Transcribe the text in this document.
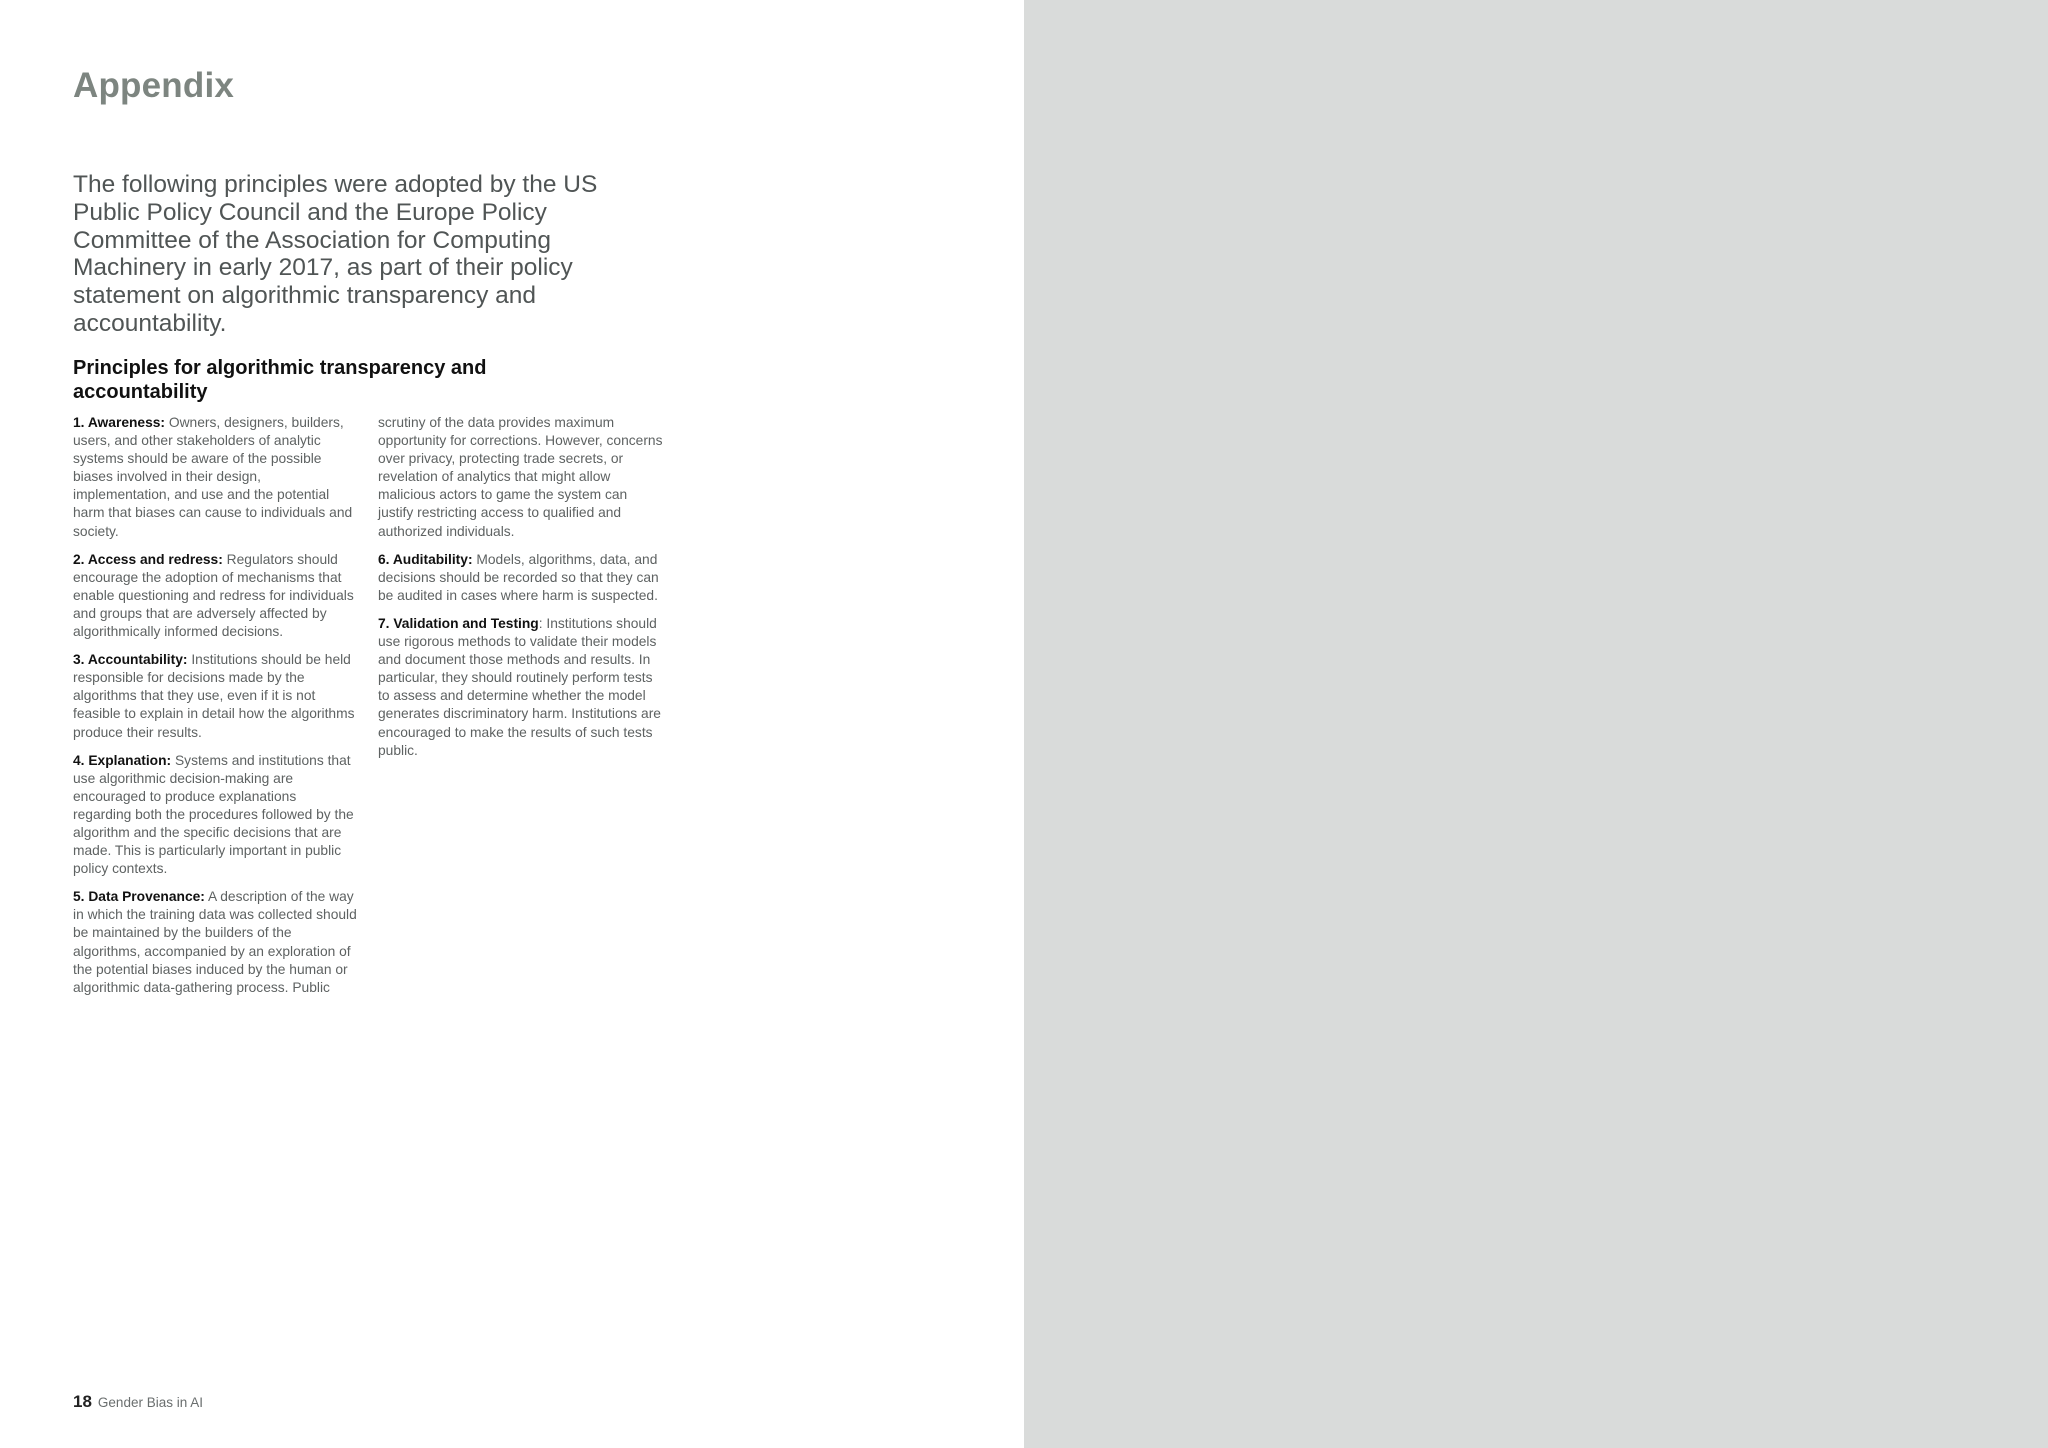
Appendix

The following principles were adopted by the US Public Policy Council and the Europe Policy Committee of the Association for Computing Machinery in early 2017, as part of their policy statement on algorithmic transparency and accountability.

Principles for algorithmic transparency and accountability

1. Awareness: Owners, designers, builders, users, and other stakeholders of analytic systems should be aware of the possible biases involved in their design, implementation, and use and the potential harm that biases can cause to individuals and society.

2. Access and redress: Regulators should encourage the adoption of mechanisms that enable questioning and redress for individuals and groups that are adversely affected by algorithmically informed decisions.

3. Accountability: Institutions should be held responsible for decisions made by the algorithms that they use, even if it is not feasible to explain in detail how the algorithms produce their results.

4. Explanation: Systems and institutions that use algorithmic decision-making are encouraged to produce explanations regarding both the procedures followed by the algorithm and the specific decisions that are made. This is particularly important in public policy contexts.

5. Data Provenance: A description of the way in which the training data was collected should be maintained by the builders of the algorithms, accompanied by an exploration of the potential biases induced by the human or algorithmic data-gathering process. Public scrutiny of the data provides maximum opportunity for corrections. However, concerns over privacy, protecting trade secrets, or revelation of analytics that might allow malicious actors to game the system can justify restricting access to qualified and authorized individuals.

6. Auditability: Models, algorithms, data, and decisions should be recorded so that they can be audited in cases where harm is suspected.

7. Validation and Testing: Institutions should use rigorous methods to validate their models and document those methods and results. In particular, they should routinely perform tests to assess and determine whether the model generates discriminatory harm. Institutions are encouraged to make the results of such tests public.

18 Gender Bias in AI
